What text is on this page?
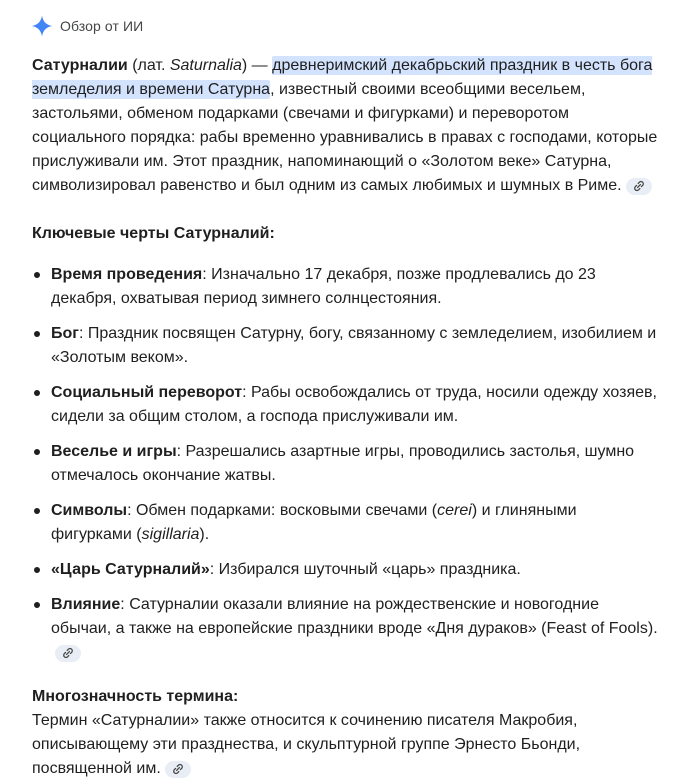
Обзор от ИИ
Сатурналии (лат. Saturnalia) — древнеримский декабрьский праздник в честь бога земледелия и времени Сатурна, известный своими всеобщими весельем, застольями, обменом подарками (свечами и фигурками) и переворотом социального порядка: рабы временно уравнивались в правах с господами, которые прислуживали им. Этот праздник, напоминающий о «Золотом веке» Сатурна, символизировал равенство и был одним из самых любимых и шумных в Риме.
Ключевые черты Сатурналий:
Время проведения: Изначально 17 декабря, позже продлевались до 23 декабря, охватывая период зимнего солнцестояния.
Бог: Праздник посвящен Сатурну, богу, связанному с земледелием, изобилием и «Золотым веком».
Социальный переворот: Рабы освобождались от труда, носили одежду хозяев, сидели за общим столом, а господа прислуживали им.
Веселье и игры: Разрешались азартные игры, проводились застолья, шумно отмечалось окончание жатвы.
Символы: Обмен подарками: восковыми свечами (cerei) и глиняными фигурками (sigillaria).
«Царь Сатурналий»: Избирался шуточный «царь» праздника.
Влияние: Сатурналии оказали влияние на рождественские и новогодние обычаи, а также на европейские праздники вроде «Дня дураков» (Feast of Fools).
Многозначность термина:
Термин «Сатурналии» также относится к сочинению писателя Макробия, описывающему эти празднества, и скульптурной группе Эрнесто Бьонди, посвященной им.
